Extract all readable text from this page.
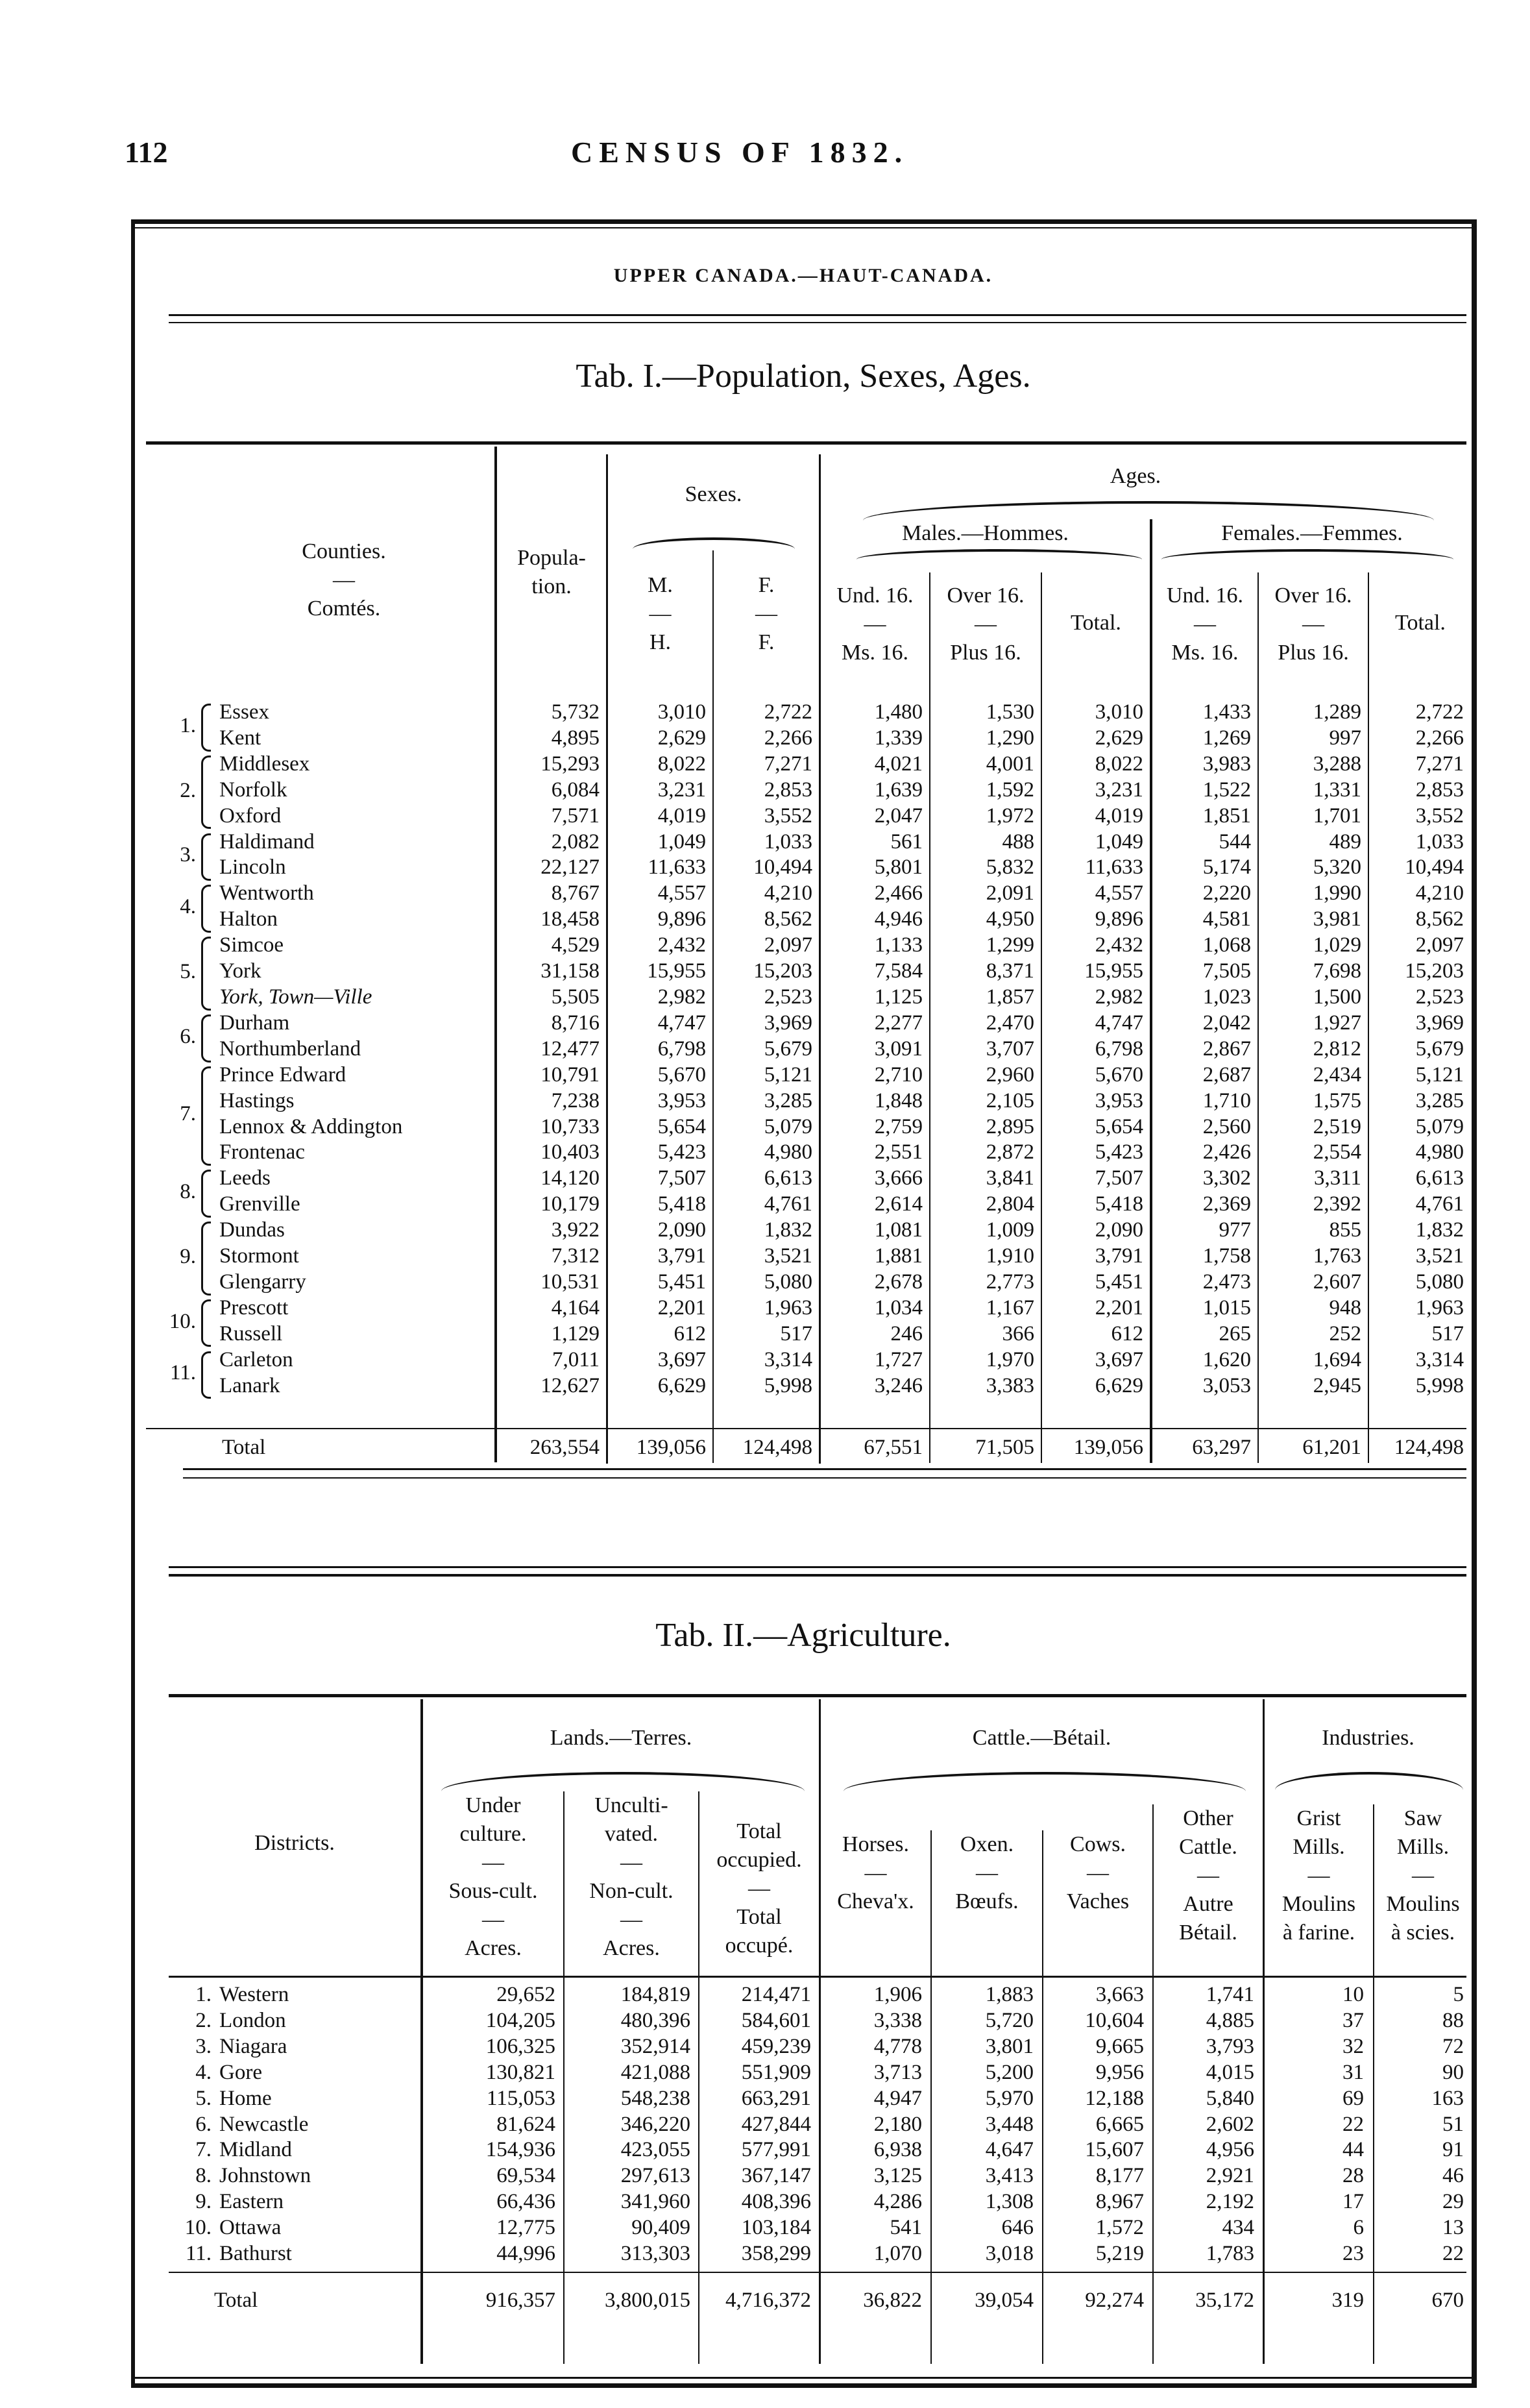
112	CENSUS OF 1832.
UPPER CANADA.—HAUT-CANADA.
Tab. I.—Population, Sexes, Ages.
Counties.
—
Comtés.
Popula-
tion.
Sexes.
M.
—
H.
F.
—
F.
Ages.
Males.—Hommes.	Females.—Femmes.
Und. 16.
—
Ms. 16.
Over 16.
—
Plus 16.
Total.
Und. 16.
—
Ms. 16.
Over 16.
—
Plus 16.
Total.
1.
2.
3.
4.
5.
6.
7.
8.
9.
10.
11.
Essex	5,732	3,010	2,722	1,480	1,530	3,010	1,433	1,289	2,722
Kent	4,895	2,629	2,266	1,339	1,290	2,629	1,269	997	2,266
Middlesex	15,293	8,022	7,271	4,021	4,001	8,022	3,983	3,288	7,271
Norfolk	6,084	3,231	2,853	1,639	1,592	3,231	1,522	1,331	2,853
Oxford	7,571	4,019	3,552	2,047	1,972	4,019	1,851	1,701	3,552
Haldimand	2,082	1,049	1,033	561	488	1,049	544	489	1,033
Lincoln	22,127	11,633	10,494	5,801	5,832	11,633	5,174	5,320	10,494
Wentworth	8,767	4,557	4,210	2,466	2,091	4,557	2,220	1,990	4,210
Halton	18,458	9,896	8,562	4,946	4,950	9,896	4,581	3,981	8,562
Simcoe	4,529	2,432	2,097	1,133	1,299	2,432	1,068	1,029	2,097
York	31,158	15,955	15,203	7,584	8,371	15,955	7,505	7,698	15,203
York, Town—Ville	5,505	2,982	2,523	1,125	1,857	2,982	1,023	1,500	2,523
Durham	8,716	4,747	3,969	2,277	2,470	4,747	2,042	1,927	3,969
Northumberland	12,477	6,798	5,679	3,091	3,707	6,798	2,867	2,812	5,679
Prince Edward	10,791	5,670	5,121	2,710	2,960	5,670	2,687	2,434	5,121
Hastings	7,238	3,953	3,285	1,848	2,105	3,953	1,710	1,575	3,285
Lennox & Addington	10,733	5,654	5,079	2,759	2,895	5,654	2,560	2,519	5,079
Frontenac	10,403	5,423	4,980	2,551	2,872	5,423	2,426	2,554	4,980
Leeds	14,120	7,507	6,613	3,666	3,841	7,507	3,302	3,311	6,613
Grenville	10,179	5,418	4,761	2,614	2,804	5,418	2,369	2,392	4,761
Dundas	3,922	2,090	1,832	1,081	1,009	2,090	977	855	1,832
Stormont	7,312	3,791	3,521	1,881	1,910	3,791	1,758	1,763	3,521
Glengarry	10,531	5,451	5,080	2,678	2,773	5,451	2,473	2,607	5,080
Prescott	4,164	2,201	1,963	1,034	1,167	2,201	1,015	948	1,963
Russell	1,129	612	517	246	366	612	265	252	517
Carleton	7,011	3,697	3,314	1,727	1,970	3,697	1,620	1,694	3,314
Lanark	12,627	6,629	5,998	3,246	3,383	6,629	3,053	2,945	5,998
Total	263,554	139,056	124,498	67,551	71,505	139,056	63,297	61,201	124,498
Tab. II.—Agriculture.
Districts.
Lands.—Terres.	Cattle.—Bétail.	Industries.
Under
culture.
—
Sous-cult.
—
Acres.
Unculti-
vated.
—
Non-cult.
—
Acres.
Total
occupied.
—
Total
occupé.
Horses.
—
Cheva'x.
Oxen.
—
Bœufs.
Cows.
—
Vaches
Other
Cattle.
—
Autre
Bétail.
Grist
Mills.
—
Moulins
à farine.
Saw
Mills.
—
Moulins
à scies.
1.	Western	29,652	184,819	214,471	1,906	1,883	3,663	1,741	10	5
2.	London	104,205	480,396	584,601	3,338	5,720	10,604	4,885	37	88
3.	Niagara	106,325	352,914	459,239	4,778	3,801	9,665	3,793	32	72
4.	Gore	130,821	421,088	551,909	3,713	5,200	9,956	4,015	31	90
5.	Home	115,053	548,238	663,291	4,947	5,970	12,188	5,840	69	163
6.	Newcastle	81,624	346,220	427,844	2,180	3,448	6,665	2,602	22	51
7.	Midland	154,936	423,055	577,991	6,938	4,647	15,607	4,956	44	91
8.	Johnstown	69,534	297,613	367,147	3,125	3,413	8,177	2,921	28	46
9.	Eastern	66,436	341,960	408,396	4,286	1,308	8,967	2,192	17	29
10.	Ottawa	12,775	90,409	103,184	541	646	1,572	434	6	13
11.	Bathurst	44,996	313,303	358,299	1,070	3,018	5,219	1,783	23	22
Total	916,357	3,800,015	4,716,372	36,822	39,054	92,274	35,172	319	670
